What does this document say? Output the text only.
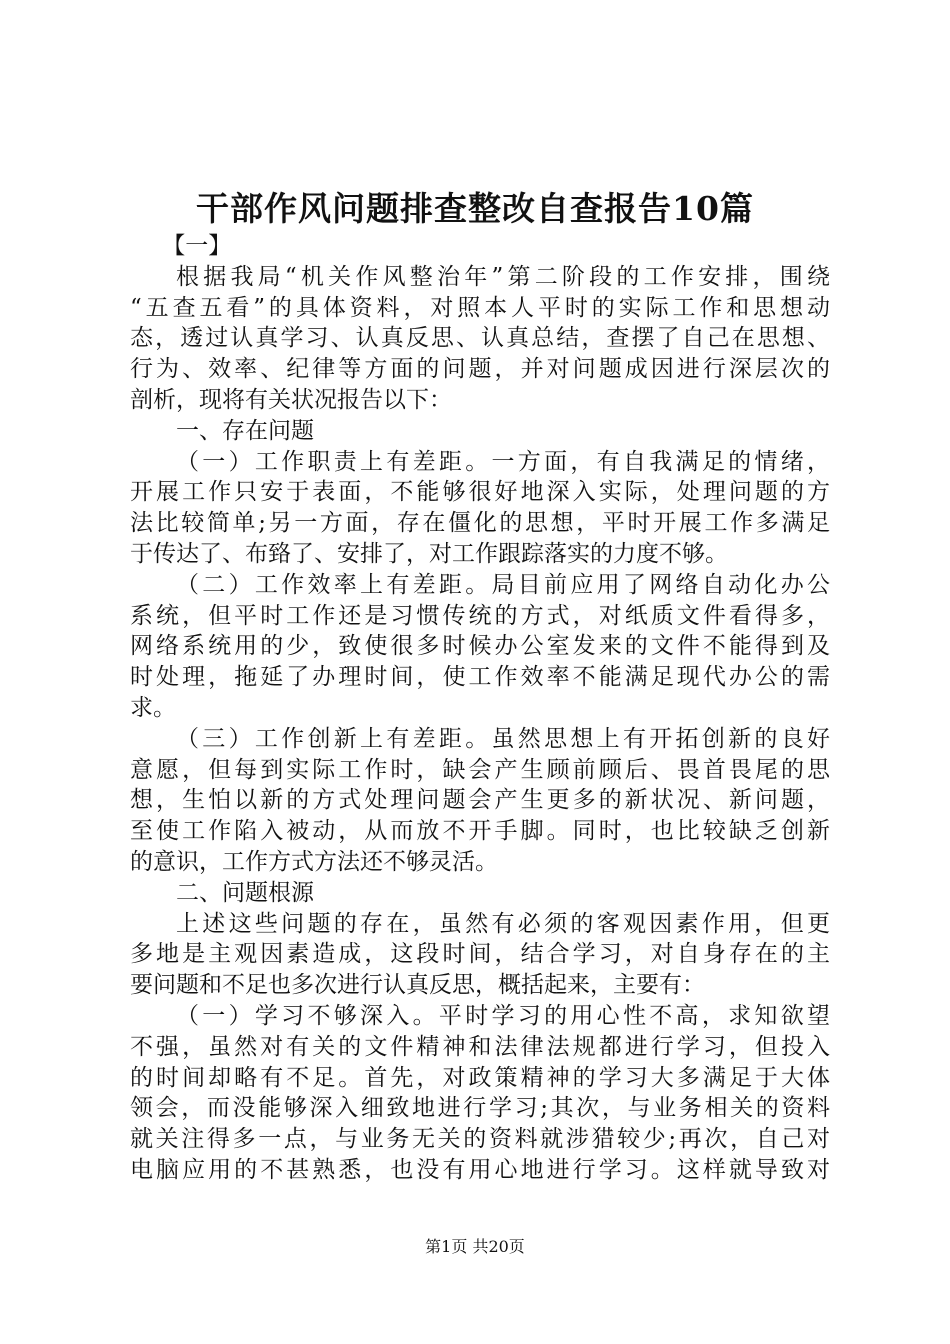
干部作风问题排查整改自查报告10篇
【一】
根据我局“机关作风整治年”第二阶段的工作安排，围绕
“五查五看”的具体资料，对照本人平时的实际工作和思想动
态，透过认真学习、认真反思、认真总结，查摆了自己在思想、
行为、效率、纪律等方面的问题，并对问题成因进行深层次的
剖析，现将有关状况报告以下：
一、存在问题
（一）工作职责上有差距。一方面，有自我满足的情绪，
开展工作只安于表面，不能够很好地深入实际，处理问题的方
法比较简单;另一方面，存在僵化的思想，平时开展工作多满足
于传达了、布臵了、安排了，对工作跟踪落实的力度不够。
（二）工作效率上有差距。局目前应用了网络自动化办公
系统，但平时工作还是习惯传统的方式，对纸质文件看得多，
网络系统用的少，致使很多时候办公室发来的文件不能得到及
时处理，拖延了办理时间，使工作效率不能满足现代办公的需
求。
（三）工作创新上有差距。虽然思想上有开拓创新的良好
意愿，但每到实际工作时，缺会产生顾前顾后、畏首畏尾的思
想，生怕以新的方式处理问题会产生更多的新状况、新问题，
至使工作陷入被动，从而放不开手脚。同时，也比较缺乏创新
的意识，工作方式方法还不够灵活。
二、问题根源
上述这些问题的存在，虽然有必须的客观因素作用，但更
多地是主观因素造成，这段时间，结合学习，对自身存在的主
要问题和不足也多次进行认真反思，概括起来，主要有：
（一）学习不够深入。平时学习的用心性不高，求知欲望
不强，虽然对有关的文件精神和法律法规都进行学习，但投入
的时间却略有不足。首先，对政策精神的学习大多满足于大体
领会，而没能够深入细致地进行学习;其次，与业务相关的资料
就关注得多一点，与业务无关的资料就涉猎较少;再次，自己对
电脑应用的不甚熟悉，也没有用心地进行学习。这样就导致对
第1页 共20页
